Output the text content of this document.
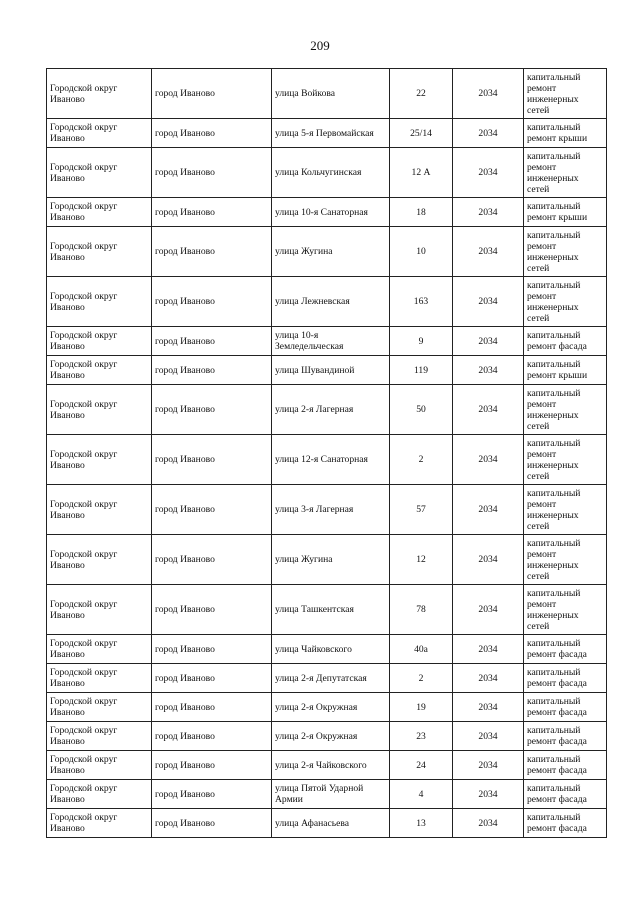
209
Городской округ Иваново	город Иваново	улица Войкова	22	2034	капитальный ремонт инженерных сетей
Городской округ Иваново	город Иваново	улица 5-я Первомайская	25/14	2034	капитальный ремонт крыши
Городской округ Иваново	город Иваново	улица Кольчугинская	12 А	2034	капитальный ремонт инженерных сетей
Городской округ Иваново	город Иваново	улица 10-я Санаторная	18	2034	капитальный ремонт крыши
Городской округ Иваново	город Иваново	улица Жугина	10	2034	капитальный ремонт инженерных сетей
Городской округ Иваново	город Иваново	улица Лежневская	163	2034	капитальный ремонт инженерных сетей
Городской округ Иваново	город Иваново	улица 10-я Земледельческая	9	2034	капитальный ремонт фасада
Городской округ Иваново	город Иваново	улица Шувандиной	119	2034	капитальный ремонт крыши
Городской округ Иваново	город Иваново	улица 2-я Лагерная	50	2034	капитальный ремонт инженерных сетей
Городской округ Иваново	город Иваново	улица 12-я Санаторная	2	2034	капитальный ремонт инженерных сетей
Городской округ Иваново	город Иваново	улица 3-я Лагерная	57	2034	капитальный ремонт инженерных сетей
Городской округ Иваново	город Иваново	улица Жугина	12	2034	капитальный ремонт инженерных сетей
Городской округ Иваново	город Иваново	улица Ташкентская	78	2034	капитальный ремонт инженерных сетей
Городской округ Иваново	город Иваново	улица Чайковского	40а	2034	капитальный ремонт фасада
Городской округ Иваново	город Иваново	улица 2-я Депутатская	2	2034	капитальный ремонт фасада
Городской округ Иваново	город Иваново	улица 2-я Окружная	19	2034	капитальный ремонт фасада
Городской округ Иваново	город Иваново	улица 2-я Окружная	23	2034	капитальный ремонт фасада
Городской округ Иваново	город Иваново	улица 2-я Чайковского	24	2034	капитальный ремонт фасада
Городской округ Иваново	город Иваново	улица Пятой Ударной Армии	4	2034	капитальный ремонт фасада
Городской округ Иваново	город Иваново	улица Афанасьева	13	2034	капитальный ремонт фасада
